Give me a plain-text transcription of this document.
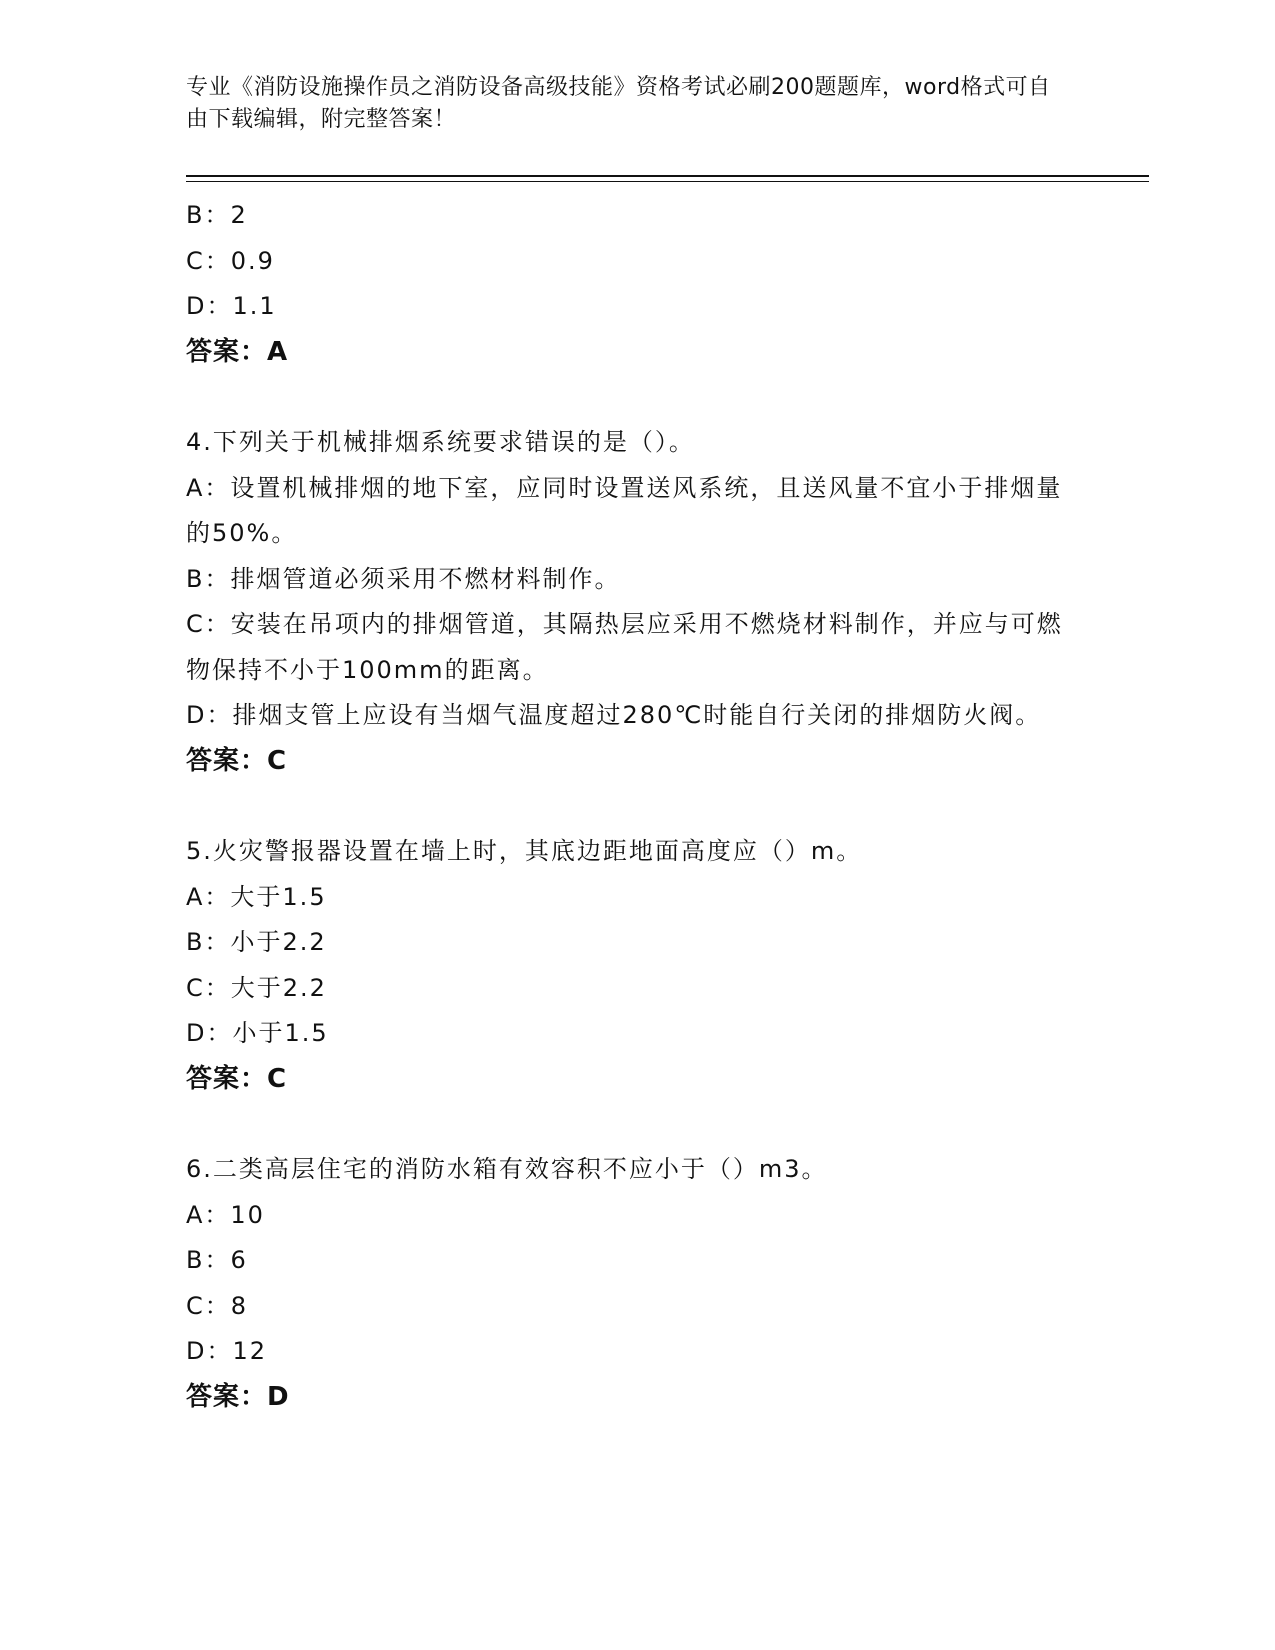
专业《消防设施操作员之消防设备高级技能》资格考试必刷200题题库，word格式可自由下载编辑，附完整答案！
B：2
C：0.9
D：1.1
答案：A
4.下列关于机械排烟系统要求错误的是（）。
A：设置机械排烟的地下室，应同时设置送风系统，且送风量不宜小于排烟量的50%。
B：排烟管道必须采用不燃材料制作。
C：安装在吊项内的排烟管道，其隔热层应采用不燃烧材料制作，并应与可燃物保持不小于100mm的距离。
D：排烟支管上应设有当烟气温度超过280℃时能自行关闭的排烟防火阀。
答案：C
5.火灾警报器设置在墙上时，其底边距地面高度应（）m。
A：大于1.5
B：小于2.2
C：大于2.2
D：小于1.5
答案：C
6.二类高层住宅的消防水箱有效容积不应小于（）m3。
A：10
B：6
C：8
D：12
答案：D
